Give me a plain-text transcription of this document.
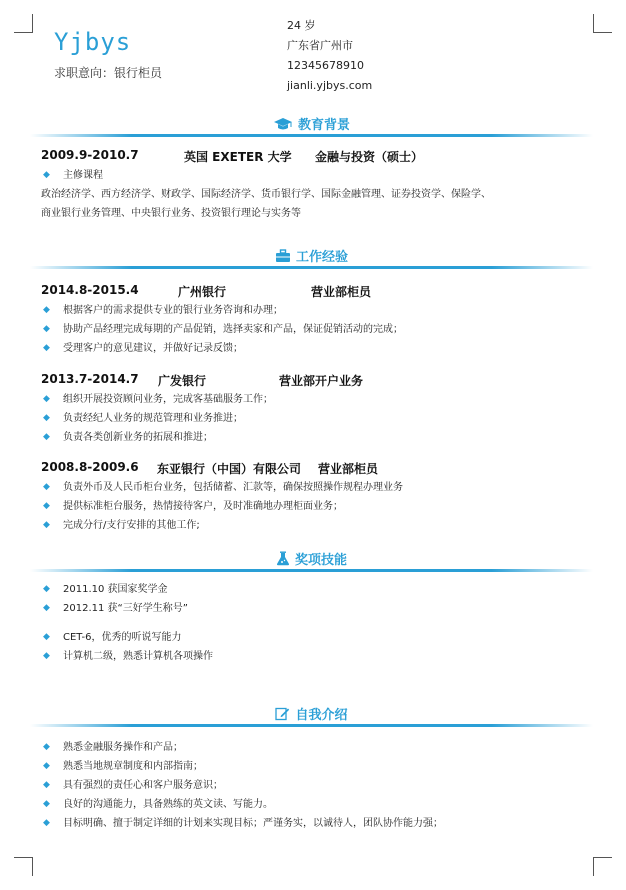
Yjbys
求职意向：银行柜员
24 岁
广东省广州市
12345678910
jianli.yjbys.com
教育背景
2009.9-2010.7	英国 EXETER 大学 金融与投资（硕士）
◆ 主修课程
政治经济学、西方经济学、财政学、国际经济学、货币银行学、国际金融管理、证券投资学、保险学、
商业银行业务管理、中央银行业务、投资银行理论与实务等
工作经验
2014.8-2015.4	广州银行	营业部柜员
◆ 根据客户的需求提供专业的银行业务咨询和办理；
◆ 协助产品经理完成每期的产品促销，选择卖家和产品，保证促销活动的完成；
◆ 受理客户的意见建议，并做好记录反馈；
2013.7-2014.7 广发银行	营业部开户业务
◆ 组织开展投资顾问业务，完成客基础服务工作；
◆ 负责经纪人业务的规范管理和业务推进；
◆ 负责各类创新业务的拓展和推进；
2008.8-2009.6 东亚银行（中国）有限公司 营业部柜员
◆ 负责外币及人民币柜台业务，包括储蓄、汇款等，确保按照操作规程办理业务
◆ 提供标准柜台服务，热情接待客户，及时准确地办理柜面业务；
◆ 完成分行/支行安排的其他工作;
奖项技能
◆ 2011.10 获国家奖学金
◆ 2012.11 获“三好学生称号”
◆ CET-6，优秀的听说写能力
◆ 计算机二级，熟悉计算机各项操作
自我介绍
◆ 熟悉金融服务操作和产品；
◆ 熟悉当地规章制度和内部指南；
◆ 具有强烈的责任心和客户服务意识；
◆ 良好的沟通能力，具备熟练的英文读、写能力。
◆ 目标明确、擅于制定详细的计划来实现目标；严谨务实，以诚待人，团队协作能力强；
